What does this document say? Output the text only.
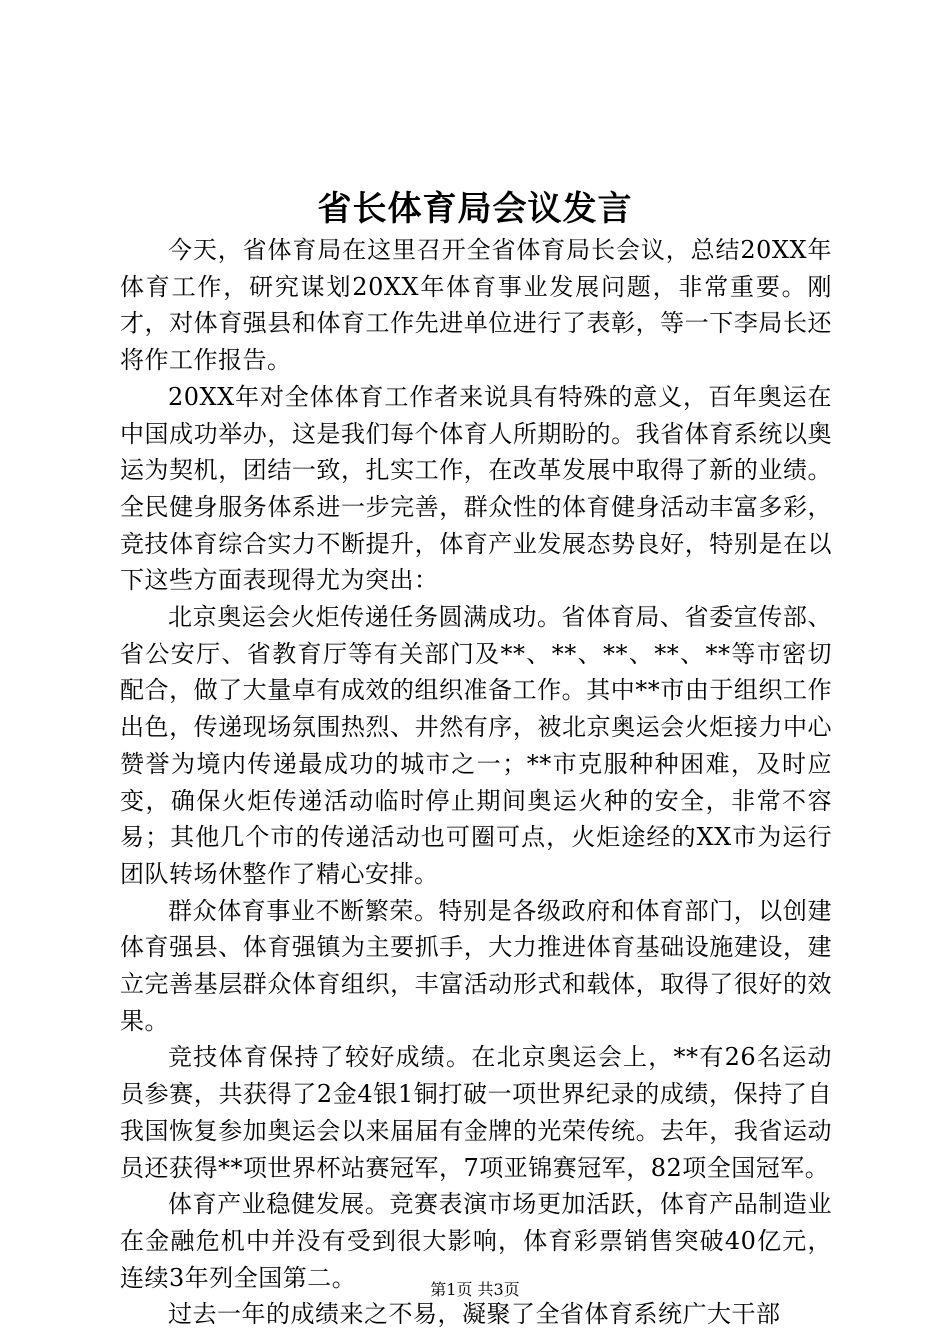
省长体育局会议发言

今天，省体育局在这里召开全省体育局长会议，总结20XX年体育工作，研究谋划20XX年体育事业发展问题，非常重要。刚才，对体育强县和体育工作先进单位进行了表彰，等一下李局长还将作工作报告。

20XX年对全体体育工作者来说具有特殊的意义，百年奥运在中国成功举办，这是我们每个体育人所期盼的。我省体育系统以奥运为契机，团结一致，扎实工作，在改革发展中取得了新的业绩。全民健身服务体系进一步完善，群众性的体育健身活动丰富多彩，竞技体育综合实力不断提升，体育产业发展态势良好，特别是在以下这些方面表现得尤为突出：

北京奥运会火炬传递任务圆满成功。省体育局、省委宣传部、省公安厅、省教育厅等有关部门及**、**、**、**、**等市密切配合，做了大量卓有成效的组织准备工作。其中**市由于组织工作出色，传递现场氛围热烈、井然有序，被北京奥运会火炬接力中心赞誉为境内传递最成功的城市之一；**市克服种种困难，及时应变，确保火炬传递活动临时停止期间奥运火种的安全，非常不容易；其他几个市的传递活动也可圈可点，火炬途经的XX市为运行团队转场休整作了精心安排。

群众体育事业不断繁荣。特别是各级政府和体育部门，以创建体育强县、体育强镇为主要抓手，大力推进体育基础设施建设，建立完善基层群众体育组织，丰富活动形式和载体，取得了很好的效果。

竞技体育保持了较好成绩。在北京奥运会上，**有26名运动员参赛，共获得了2金4银1铜打破一项世界纪录的成绩，保持了自我国恢复参加奥运会以来届届有金牌的光荣传统。去年，我省运动员还获得**项世界杯站赛冠军，7项亚锦赛冠军，82项全国冠军。

体育产业稳健发展。竞赛表演市场更加活跃，体育产品制造业在金融危机中并没有受到很大影响，体育彩票销售突破40亿元，连续3年列全国第二。

过去一年的成绩来之不易，凝聚了全省体育系统广大干部

第1页 共3页
